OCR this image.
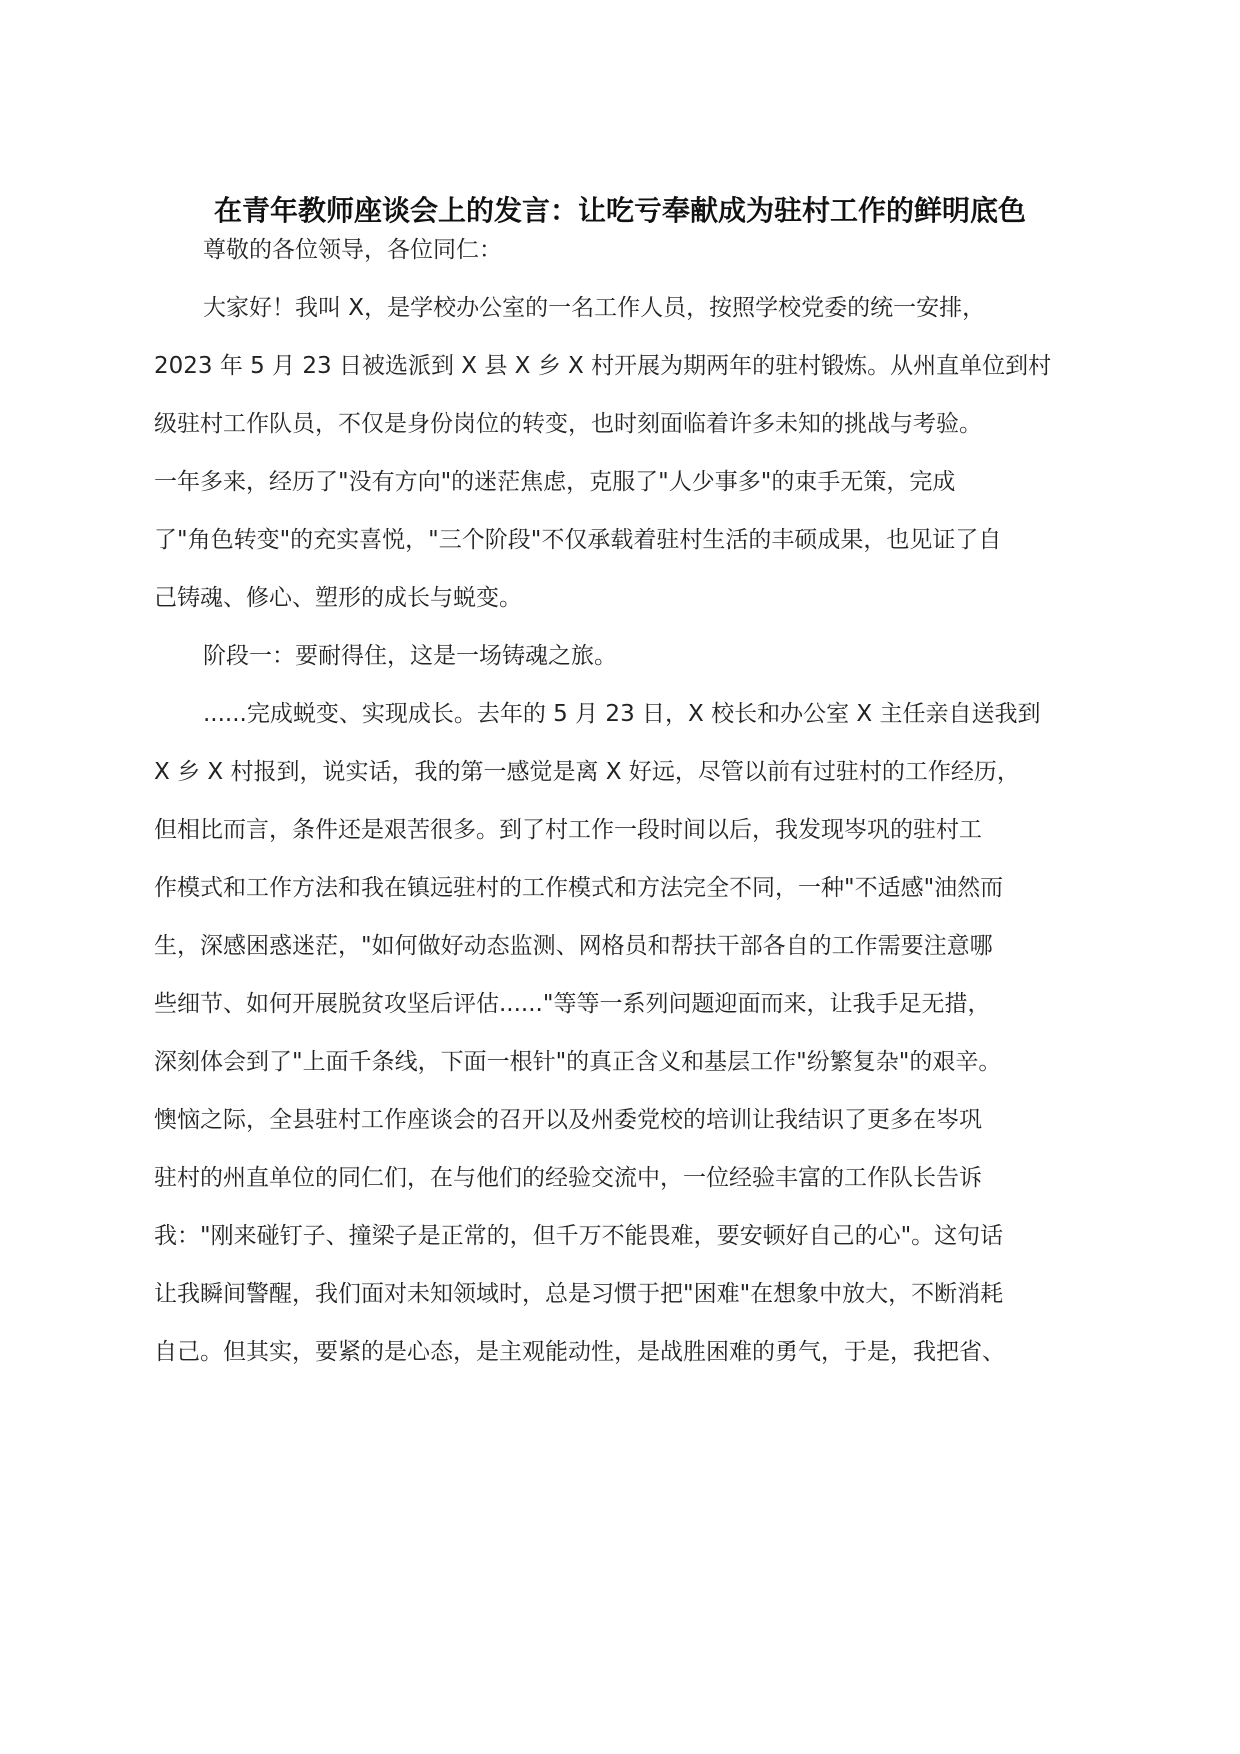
在青年教师座谈会上的发言：让吃亏奉献成为驻村工作的鲜明底色

尊敬的各位领导，各位同仁：

大家好！我叫 X，是学校办公室的一名工作人员，按照学校党委的统一安排，

2023 年 5 月 23 日被选派到 X 县 X 乡 X 村开展为期两年的驻村锻炼。从州直单位到村

级驻村工作队员，不仅是身份岗位的转变，也时刻面临着许多未知的挑战与考验。

一年多来，经历了"没有方向"的迷茫焦虑，克服了"人少事多"的束手无策，完成

了"角色转变"的充实喜悦，"三个阶段"不仅承载着驻村生活的丰硕成果，也见证了自

己铸魂、修心、塑形的成长与蜕变。

阶段一：要耐得住，这是一场铸魂之旅。

......完成蜕变、实现成长。去年的 5 月 23 日，X 校长和办公室 X 主任亲自送我到

X 乡 X 村报到，说实话，我的第一感觉是离 X 好远，尽管以前有过驻村的工作经历，

但相比而言，条件还是艰苦很多。到了村工作一段时间以后，我发现岑巩的驻村工

作模式和工作方法和我在镇远驻村的工作模式和方法完全不同，一种"不适感"油然而

生，深感困惑迷茫，"如何做好动态监测、网格员和帮扶干部各自的工作需要注意哪

些细节、如何开展脱贫攻坚后评估......"等等一系列问题迎面而来，让我手足无措，

深刻体会到了"上面千条线，下面一根针"的真正含义和基层工作"纷繁复杂"的艰辛。

懊恼之际，全县驻村工作座谈会的召开以及州委党校的培训让我结识了更多在岑巩

驻村的州直单位的同仁们，在与他们的经验交流中，一位经验丰富的工作队长告诉

我："刚来碰钉子、撞梁子是正常的，但千万不能畏难，要安顿好自己的心"。这句话

让我瞬间警醒，我们面对未知领域时，总是习惯于把"困难"在想象中放大，不断消耗

自己。但其实，要紧的是心态，是主观能动性，是战胜困难的勇气，于是，我把省、
